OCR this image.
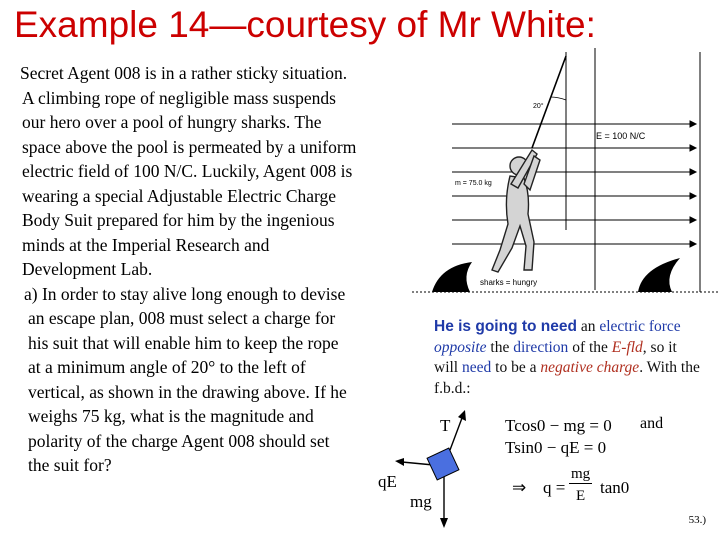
Example 14—courtesy of Mr White:
Secret Agent 008 is in a rather sticky situation.
A climbing rope of negligible mass suspends
our hero over a pool of hungry sharks. The
space above the pool is permeated by a uniform
electric field of 100 N/C. Luckily, Agent 008 is
wearing a special Adjustable Electric Charge
Body Suit prepared for him by the ingenious
minds at the Imperial Research and
Development Lab.
a) In order to stay alive long enough to devise
an escape plan, 008 must select a charge for
his suit that will enable him to keep the rope
at a minimum angle of 20° to the left of
vertical, as shown in the drawing above. If he
weighs 75 kg, what is the magnitude and
polarity of the charge Agent 008 should set
the suit for?
20°
E = 100 N/C
m = 75.0 kg
sharks = hungry
He is going to need an electric force opposite the direction of the E-fld, so it will need to be a negative charge. With the f.b.d.:
T
qE
mg
Tcos0 − mg = 0
Tsin0 − qE = 0
and
⇒ q =
mg
E tan0
53.)
